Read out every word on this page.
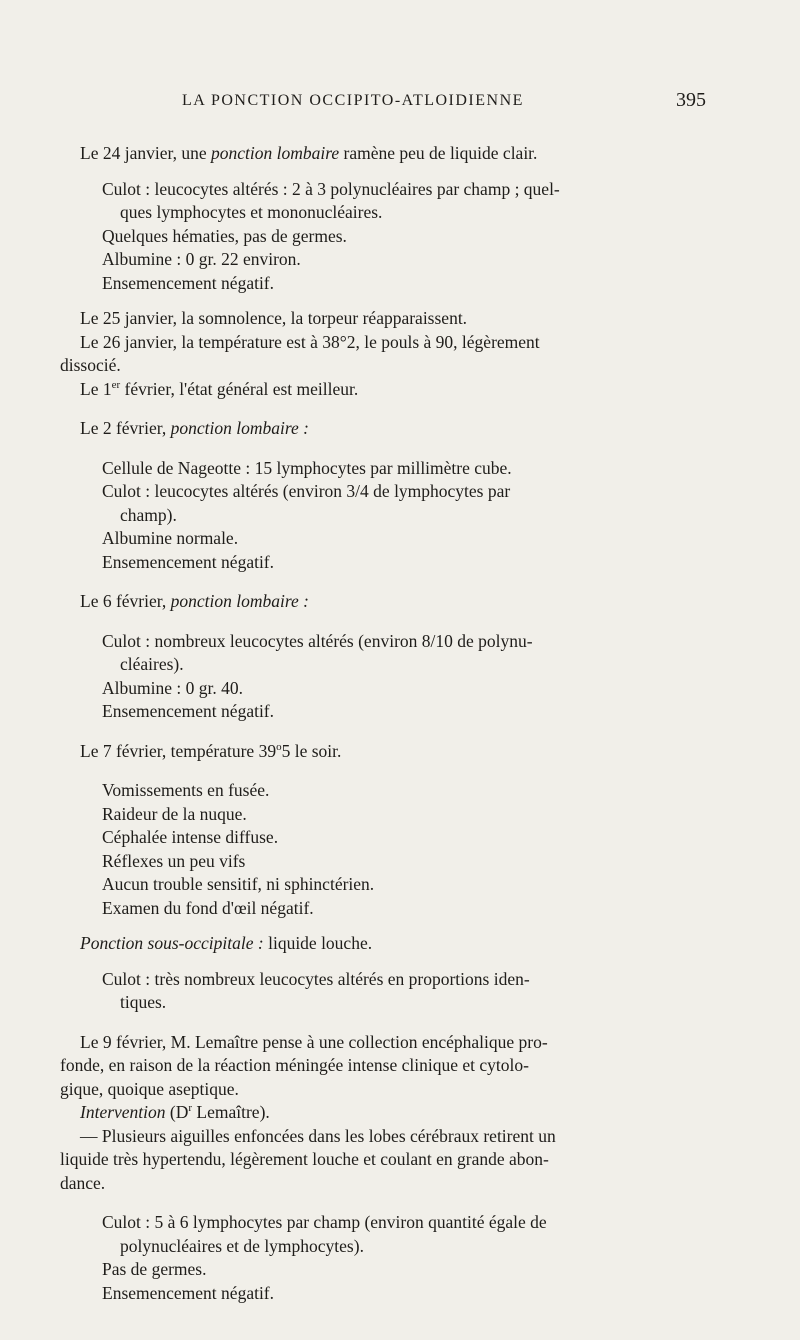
LA PONCTION OCCIPITO-ATLOIDIENNE	395

Le 24 janvier, une ponction lombaire ramène peu de liquide clair.

Culot : leucocytes altérés : 2 à 3 polynucléaires par champ ; quel-

ques lymphocytes et mononucléaires.

Quelques hématies, pas de germes.

Albumine : 0 gr. 22 environ.

Ensemencement négatif.

Le 25 janvier, la somnolence, la torpeur réapparaissent.

Le 26 janvier, la température est à 38°2, le pouls à 90, légèrement

dissocié.

Le 1er février, l'état général est meilleur.

Le 2 février, ponction lombaire :

Cellule de Nageotte : 15 lymphocytes par millimètre cube.

Culot : leucocytes altérés (environ 3/4 de lymphocytes par

champ).

Albumine normale.

Ensemencement négatif.

Le 6 février, ponction lombaire :

Culot : nombreux leucocytes altérés (environ 8/10 de polynu-

cléaires).

Albumine : 0 gr. 40.

Ensemencement négatif.

Le 7 février, température 39$^o$5 le soir.

Vomissements en fusée.

Raideur de la nuque.

Céphalée intense diffuse.

Réflexes un peu vifs

Aucun trouble sensitif, ni sphinctérien.

Examen du fond d'œil négatif.

Ponction sous-occipitale : liquide louche.

Culot : très nombreux leucocytes altérés en proportions iden-

tiques.

Le 9 février, M. Lemaître pense à une collection encéphalique pro-

fonde, en raison de la réaction méningée intense clinique et cytolo-

gique, quoique aseptique.

Intervention ($D^r$ Lemaître).

— Plusieurs aiguilles enfoncées dans les lobes cérébraux retirent un

liquide très hypertendu, légèrement louche et coulant en grande abon-

dance.

Culot : 5 à 6 lymphocytes par champ (environ quantité égale de

polynucléaires et de lymphocytes).

Pas de germes.

Ensemencement négatif.
